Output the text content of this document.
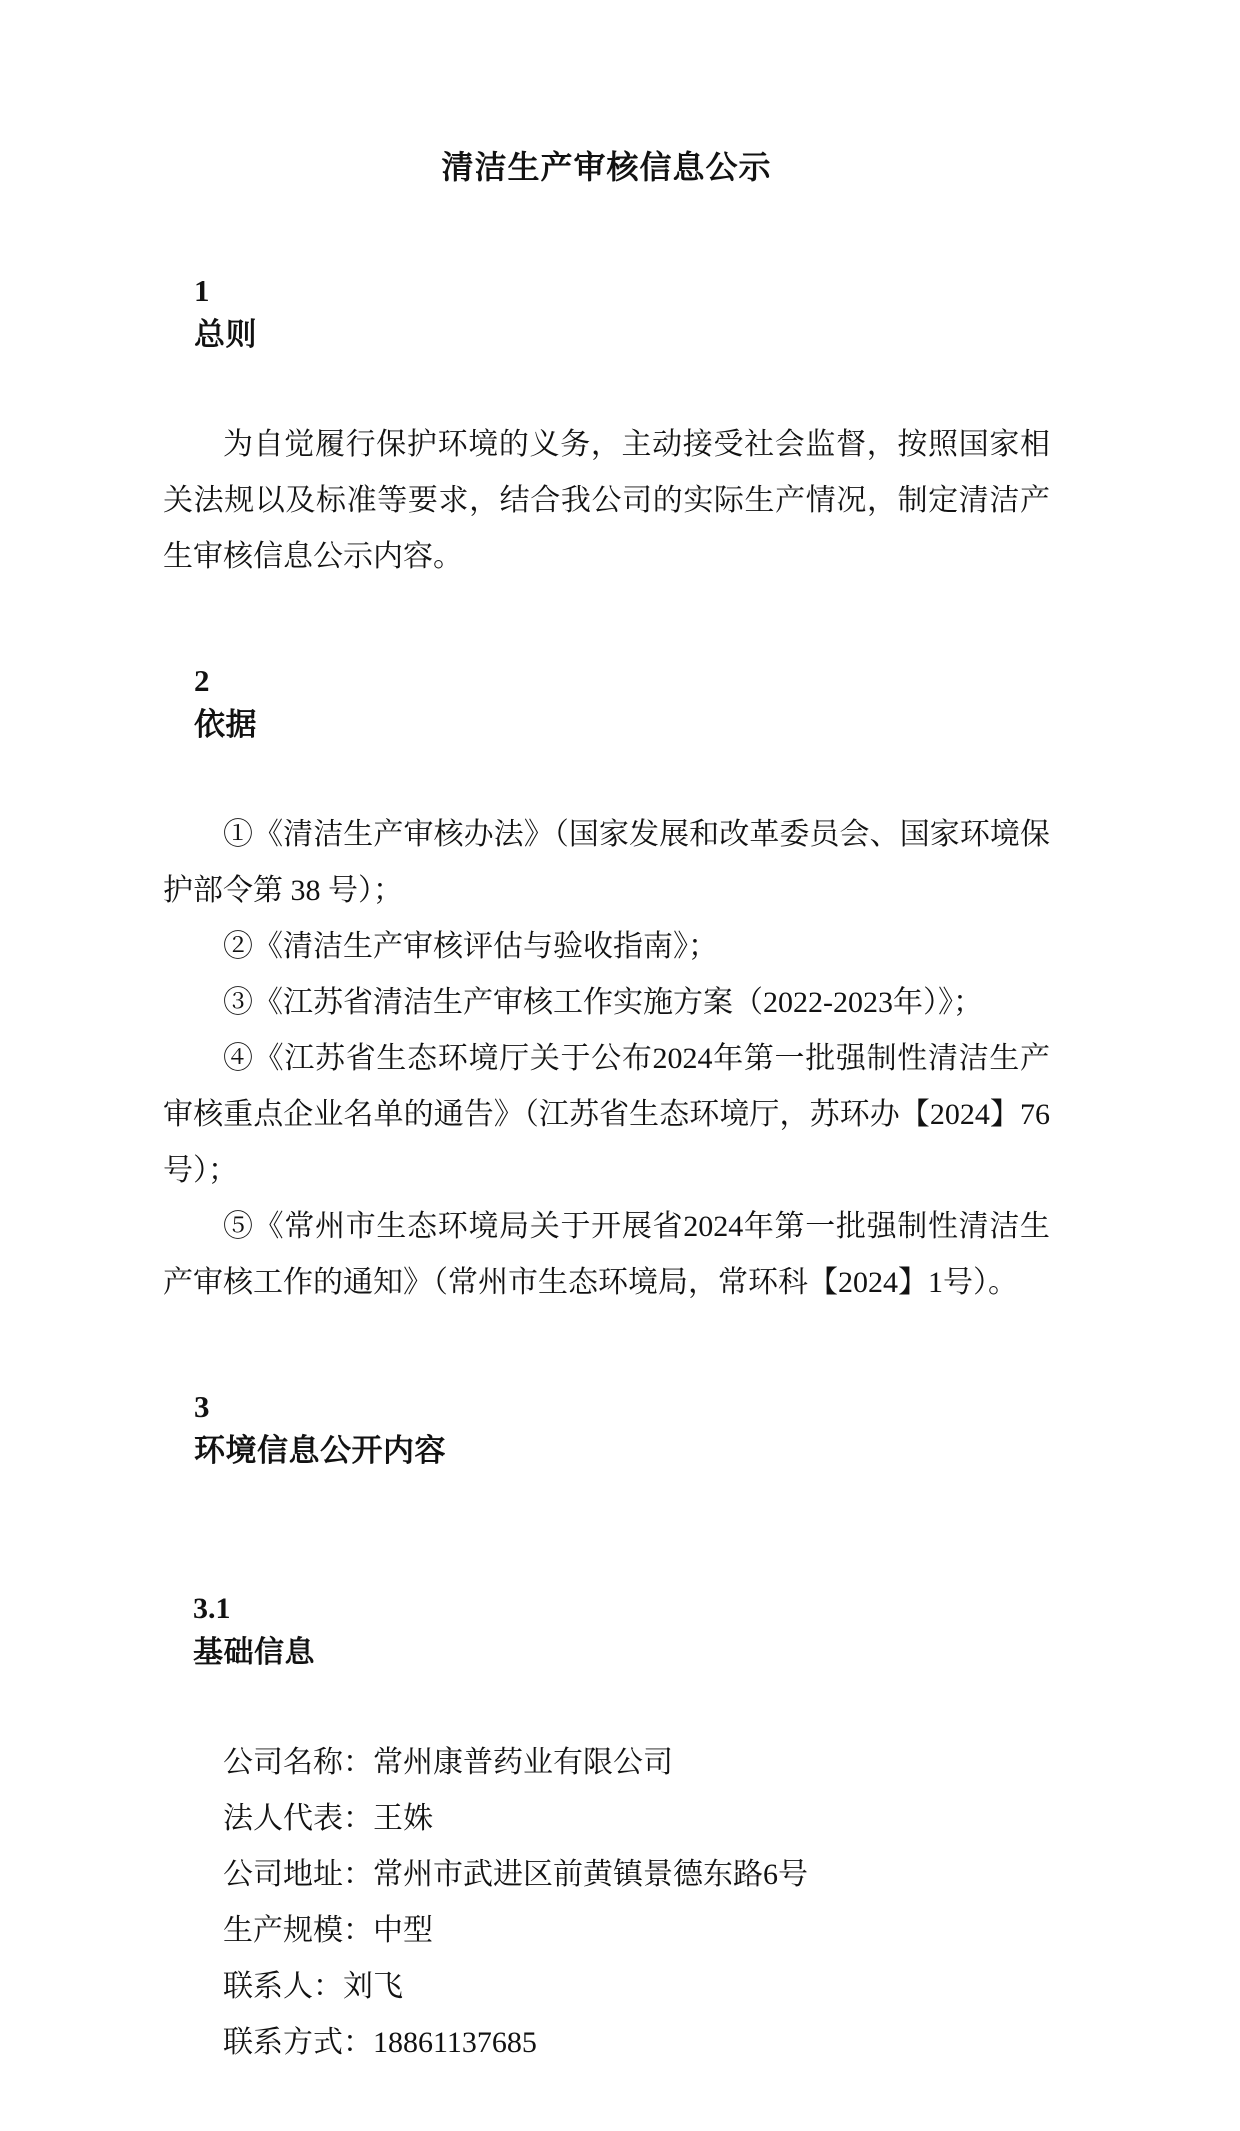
清洁生产审核信息公示

1
总则

为自觉履行保护环境的义务，主动接受社会监督，按照国家相关法规以及标准等要求，结合我公司的实际生产情况，制定清洁产生审核信息公示内容。

2
依据

①《清洁生产审核办法》（国家发展和改革委员会、国家环境保护部令第 38 号）；

②《清洁生产审核评估与验收指南》；

③《江苏省清洁生产审核工作实施方案（2022-2023年）》；

④《江苏省生态环境厅关于公布2024年第一批强制性清洁生产审核重点企业名单的通告》（江苏省生态环境厅，苏环办【2024】76号）；

⑤《常州市生态环境局关于开展省2024年第一批强制性清洁生产审核工作的通知》（常州市生态环境局，常环科【2024】1号）。

3
环境信息公开内容

3.1
基础信息

公司名称：常州康普药业有限公司

法人代表：王姝

公司地址：常州市武进区前黄镇景德东路6号

生产规模：中型

联系人：刘飞

联系方式：18861137685
